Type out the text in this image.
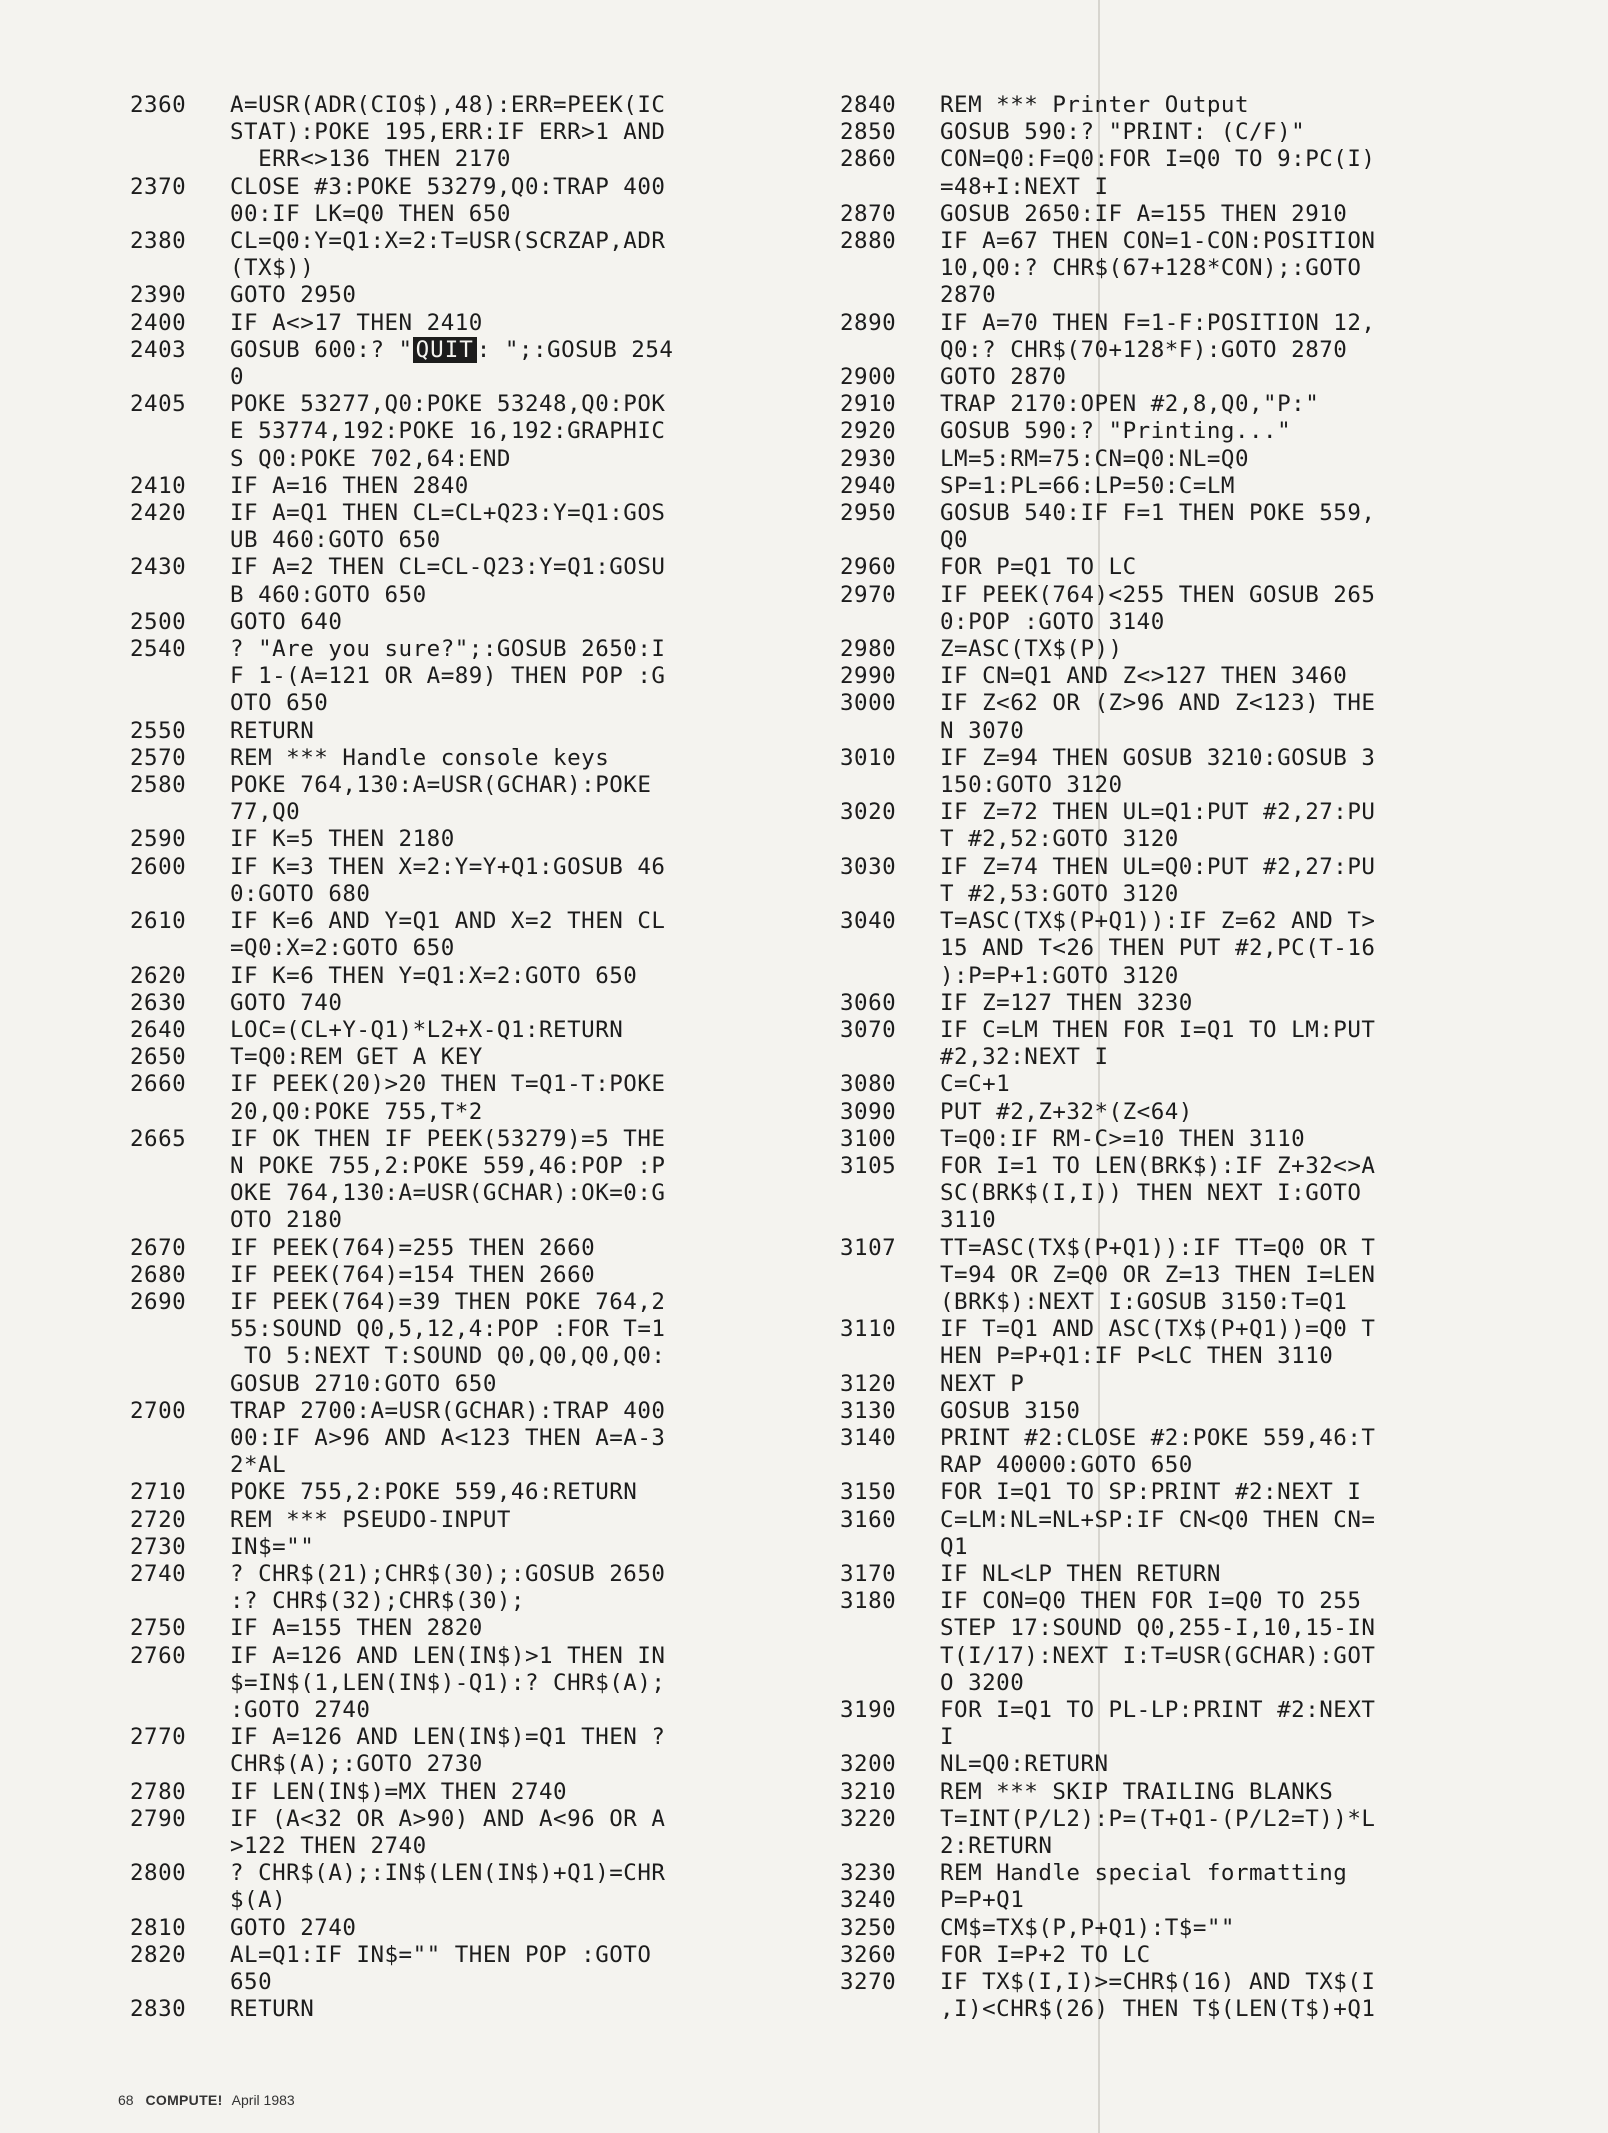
2360	A=USR(ADR(CIO$),48):ERR=PEEK(IC
STAT):POKE 195,ERR:IF ERR>1 AND
ERR<>136 THEN 2170
2370	CLOSE #3:POKE 53279,Q0:TRAP 400
00:IF LK=Q0 THEN 650
2380	CL=Q0:Y=Q1:X=2:T=USR(SCRZAP,ADR
(TX$))
2390	GOTO 2950
2400	IF A<>17 THEN 2410
2403	GOSUB 600:? " QUIT : ";:GOSUB 254
0
2405	POKE 53277,Q0:POKE 53248,Q0:POK
E 53774,192:POKE 16,192:GRAPHIC
S Q0:POKE 702,64:END
2410	IF A=16 THEN 2840
2420	IF A=Q1 THEN CL=CL+Q23:Y=Q1:GOS
UB 460:GOTO 650
2430	IF A=2 THEN CL=CL-Q23:Y=Q1:GOSU
B 460:GOTO 650
2500	GOTO 640
2540	? "Are you sure?";:GOSUB 2650:I
F 1-(A=121 OR A=89) THEN POP :G
OTO 650
2550	RETURN
2570	REM *** Handle console keys
2580	POKE 764,130:A=USR(GCHAR):POKE
77,Q0
2590	IF K=5 THEN 2180
2600	IF K=3 THEN X=2:Y=Y+Q1:GOSUB 46
0:GOTO 680
2610	IF K=6 AND Y=Q1 AND X=2 THEN CL
=Q0:X=2:GOTO 650
2620	IF K=6 THEN Y=Q1:X=2:GOTO 650
2630	GOTO 740
2640	LOC=(CL+Y-Q1)*L2+X-Q1:RETURN
2650	T=Q0:REM GET A KEY
2660	IF PEEK(20)>20 THEN T=Q1-T:POKE
20,Q0:POKE 755,T*2
2665	IF OK THEN IF PEEK(53279)=5 THE
N POKE 755,2:POKE 559,46:POP :P
OKE 764,130:A=USR(GCHAR):OK=0:G
OTO 2180
2670	IF PEEK(764)=255 THEN 2660
2680	IF PEEK(764)=154 THEN 2660
2690	IF PEEK(764)=39 THEN POKE 764,2
55:SOUND Q0,5,12,4:POP :FOR T=1
TO 5:NEXT T:SOUND Q0,Q0,Q0,Q0:
GOSUB 2710:GOTO 650
2700	TRAP 2700:A=USR(GCHAR):TRAP 400
00:IF A>96 AND A<123 THEN A=A-3
2*AL
2710	POKE 755,2:POKE 559,46:RETURN
2720	REM *** PSEUDO-INPUT
2730	IN$=""
2740	? CHR$(21);CHR$(30);:GOSUB 2650
:? CHR$(32);CHR$(30);
2750	IF A=155 THEN 2820
2760	IF A=126 AND LEN(IN$)>1 THEN IN
$=IN$(1,LEN(IN$)-Q1):? CHR$(A);
:GOTO 2740
2770	IF A=126 AND LEN(IN$)=Q1 THEN ?
CHR$(A);:GOTO 2730
2780	IF LEN(IN$)=MX THEN 2740
2790	IF (A<32 OR A>90) AND A<96 OR A
>122 THEN 2740
2800	? CHR$(A);:IN$(LEN(IN$)+Q1)=CHR
$(A)
2810	GOTO 2740
2820	AL=Q1:IF IN$="" THEN POP :GOTO
650
2830	RETURN
2840	REM *** Printer Output
2850	GOSUB 590:? "PRINT: (C/F)"
2860	CON=Q0:F=Q0:FOR I=Q0 TO 9:PC(I)
=48+I:NEXT I
2870	GOSUB 2650:IF A=155 THEN 2910
2880	IF A=67 THEN CON=1-CON:POSITION
10,Q0:? CHR$(67+128*CON);:GOTO
2870
2890	IF A=70 THEN F=1-F:POSITION 12,
Q0:? CHR$(70+128*F):GOTO 2870
2900	GOTO 2870
2910	TRAP 2170:OPEN #2,8,Q0,"P:"
2920	GOSUB 590:? "Printing..."
2930	LM=5:RM=75:CN=Q0:NL=Q0
2940	SP=1:PL=66:LP=50:C=LM
2950	GOSUB 540:IF F=1 THEN POKE 559,
Q0
2960	FOR P=Q1 TO LC
2970	IF PEEK(764)<255 THEN GOSUB 265
0:POP :GOTO 3140
2980	Z=ASC(TX$(P))
2990	IF CN=Q1 AND Z<>127 THEN 3460
3000	IF Z<62 OR (Z>96 AND Z<123) THE
N 3070
3010	IF Z=94 THEN GOSUB 3210:GOSUB 3
150:GOTO 3120
3020	IF Z=72 THEN UL=Q1:PUT #2,27:PU
T #2,52:GOTO 3120
3030	IF Z=74 THEN UL=Q0:PUT #2,27:PU
T #2,53:GOTO 3120
3040	T=ASC(TX$(P+Q1)):IF Z=62 AND T>
15 AND T<26 THEN PUT #2,PC(T-16
):P=P+1:GOTO 3120
3060	IF Z=127 THEN 3230
3070	IF C=LM THEN FOR I=Q1 TO LM:PUT
#2,32:NEXT I
3080	C=C+1
3090	PUT #2,Z+32*(Z<64)
3100	T=Q0:IF RM-C>=10 THEN 3110
3105	FOR I=1 TO LEN(BRK$):IF Z+32<>A
SC(BRK$(I,I)) THEN NEXT I:GOTO
3110
3107	TT=ASC(TX$(P+Q1)):IF TT=Q0 OR T
T=94 OR Z=Q0 OR Z=13 THEN I=LEN
(BRK$):NEXT I:GOSUB 3150:T=Q1
3110	IF T=Q1 AND ASC(TX$(P+Q1))=Q0 T
HEN P=P+Q1:IF P<LC THEN 3110
3120	NEXT P
3130	GOSUB 3150
3140	PRINT #2:CLOSE #2:POKE 559,46:T
RAP 40000:GOTO 650
3150	FOR I=Q1 TO SP:PRINT #2:NEXT I
3160	C=LM:NL=NL+SP:IF CN<Q0 THEN CN=
Q1
3170	IF NL<LP THEN RETURN
3180	IF CON=Q0 THEN FOR I=Q0 TO 255
STEP 17:SOUND Q0,255-I,10,15-IN
T(I/17):NEXT I:T=USR(GCHAR):GOT
O 3200
3190	FOR I=Q1 TO PL-LP:PRINT #2:NEXT
I
3200	NL=Q0:RETURN
3210	REM *** SKIP TRAILING BLANKS
3220	T=INT(P/L2):P=(T+Q1-(P/L2=T))*L
2:RETURN
3230	REM Handle special formatting
3240	P=P+Q1
3250	CM$=TX$(P,P+Q1):T$=""
3260	FOR I=P+2 TO LC
3270	IF TX$(I,I)>=CHR$(16) AND TX$(I
,I)<CHR$(26) THEN T$(LEN(T$)+Q1
68 COMPUTE! April 1983
